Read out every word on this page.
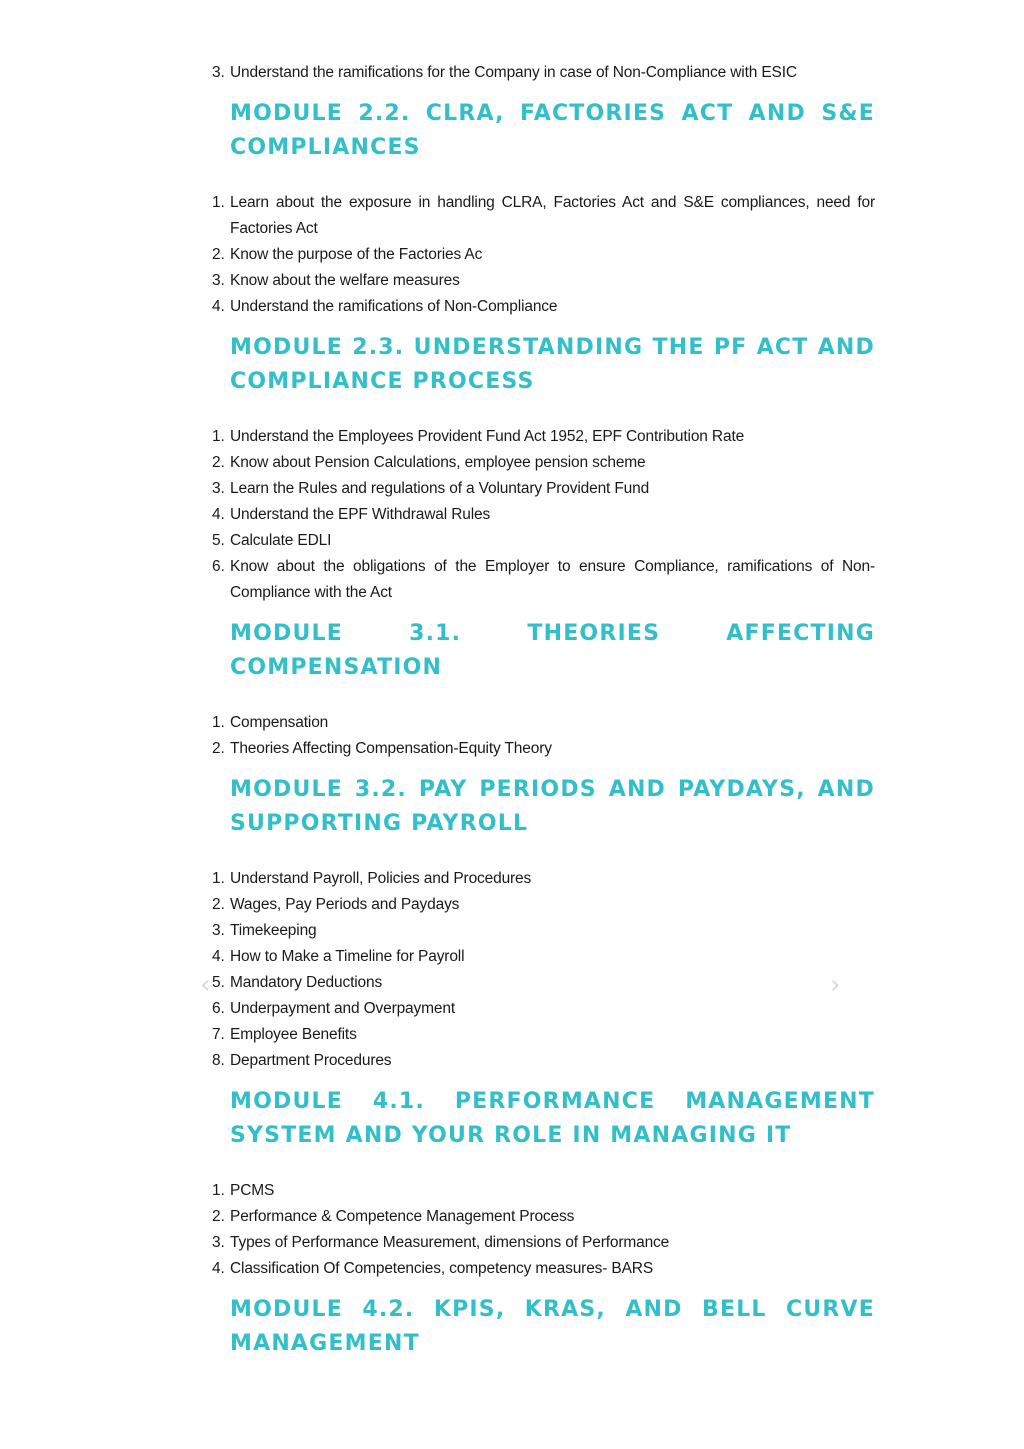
3. Understand the ramifications for the Company in case of Non-Compliance with ESIC
MODULE 2.2. CLRA, FACTORIES ACT AND S&E COMPLIANCES
1. Learn about the exposure in handling CLRA, Factories Act and S&E compliances, need for Factories Act
2. Know the purpose of the Factories Ac
3. Know about the welfare measures
4. Understand the ramifications of Non-Compliance
MODULE 2.3. UNDERSTANDING THE PF ACT AND COMPLIANCE PROCESS
1. Understand the Employees Provident Fund Act 1952, EPF Contribution Rate
2. Know about Pension Calculations, employee pension scheme
3. Learn the Rules and regulations of a Voluntary Provident Fund
4. Understand the EPF Withdrawal Rules
5. Calculate EDLI
6. Know about the obligations of the Employer to ensure Compliance, ramifications of Non-Compliance with the Act
MODULE 3.1. THEORIES AFFECTING COMPENSATION
1. Compensation
2. Theories Affecting Compensation-Equity Theory
MODULE 3.2. PAY PERIODS AND PAYDAYS, AND SUPPORTING PAYROLL
1. Understand Payroll, Policies and Procedures
2. Wages, Pay Periods and Paydays
3. Timekeeping
4. How to Make a Timeline for Payroll
5. Mandatory Deductions
6. Underpayment and Overpayment
7. Employee Benefits
8. Department Procedures
MODULE 4.1. PERFORMANCE MANAGEMENT SYSTEM AND YOUR ROLE IN MANAGING IT
1. PCMS
2. Performance & Competence Management Process
3. Types of Performance Measurement, dimensions of Performance
4. Classification Of Competencies, competency measures- BARS
MODULE 4.2. KPIS, KRAS, AND BELL CURVE MANAGEMENT
‹	›
